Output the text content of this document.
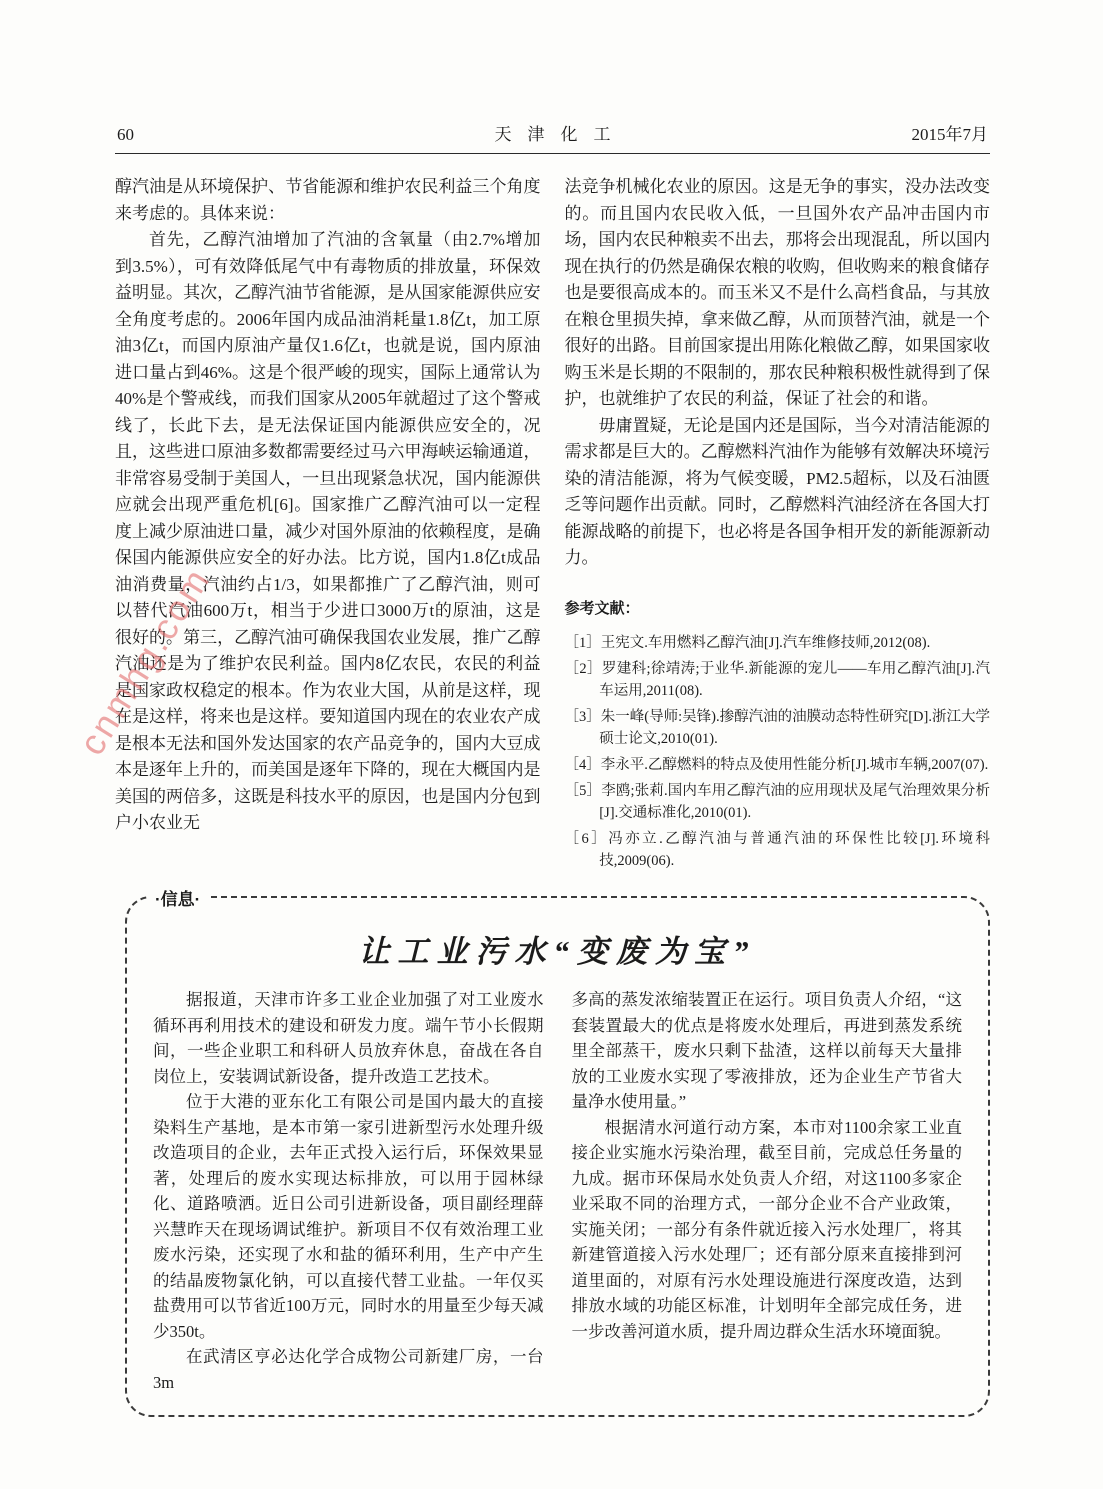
cnmhg.com
60	天津化工	2015年7月

醇汽油是从环境保护、节省能源和维护农民利益三个角度来考虑的。具体来说：

首先，乙醇汽油增加了汽油的含氧量（由2.7%增加到3.5%），可有效降低尾气中有毒物质的排放量，环保效益明显。其次，乙醇汽油节省能源，是从国家能源供应安全角度考虑的。2006年国内成品油消耗量1.8亿t，加工原油3亿t，而国内原油产量仅1.6亿t，也就是说，国内原油进口量占到46%。这是个很严峻的现实，国际上通常认为40%是个警戒线，而我们国家从2005年就超过了这个警戒线了，长此下去，是无法保证国内能源供应安全的，况且，这些进口原油多数都需要经过马六甲海峡运输通道，非常容易受制于美国人，一旦出现紧急状况，国内能源供应就会出现严重危机[6]。国家推广乙醇汽油可以一定程度上减少原油进口量，减少对国外原油的依赖程度，是确保国内能源供应安全的好办法。比方说，国内1.8亿t成品油消费量，汽油约占1/3，如果都推广了乙醇汽油，则可以替代汽油600万t，相当于少进口3000万t的原油，这是很好的。第三，乙醇汽油可确保我国农业发展，推广乙醇汽油还是为了维护农民利益。国内8亿农民，农民的利益是国家政权稳定的根本。作为农业大国，从前是这样，现在是这样，将来也是这样。要知道国内现在的农业农产成是根本无法和国外发达国家的农产品竞争的，国内大豆成本是逐年上升的，而美国是逐年下降的，现在大概国内是美国的两倍多，这既是科技水平的原因，也是国内分包到户小农业无

法竞争机械化农业的原因。这是无争的事实，没办法改变的。而且国内农民收入低，一旦国外农产品冲击国内市场，国内农民种粮卖不出去，那将会出现混乱，所以国内现在执行的仍然是确保农粮的收购，但收购来的粮食储存也是要很高成本的。而玉米又不是什么高档食品，与其放在粮仓里损失掉，拿来做乙醇，从而顶替汽油，就是一个很好的出路。目前国家提出用陈化粮做乙醇，如果国家收购玉米是长期的不限制的，那农民种粮积极性就得到了保护，也就维护了农民的利益，保证了社会的和谐。

毋庸置疑，无论是国内还是国际，当今对清洁能源的需求都是巨大的。乙醇燃料汽油作为能够有效解决环境污染的清洁能源，将为气候变暖，PM2.5超标，以及石油匮乏等问题作出贡献。同时，乙醇燃料汽油经济在各国大打能源战略的前提下，也必将是各国争相开发的新能源新动力。

参考文献：
［1］王宪文.车用燃料乙醇汽油[J].汽车维修技师,2012(08).
［2］罗建科;徐靖涛;于业华.新能源的宠儿——车用乙醇汽油[J].汽车运用,2011(08).
［3］朱一峰(导师:吴锋).掺醇汽油的油膜动态特性研究[D].浙江大学硕士论文,2010(01).
［4］李永平.乙醇燃料的特点及使用性能分析[J].城市车辆,2007(07).
［5］李鸥;张莉.国内车用乙醇汽油的应用现状及尾气治理效果分析[J].交通标准化,2010(01).
［6］冯亦立.乙醇汽油与普通汽油的环保性比较[J].环境科技,2009(06).
·信息·
让工业污水“变废为宝”

据报道，天津市许多工业企业加强了对工业废水循环再利用技术的建设和研发力度。端午节小长假期间，一些企业职工和科研人员放弃休息，奋战在各自岗位上，安装调试新设备，提升改造工艺技术。

位于大港的亚东化工有限公司是国内最大的直接染料生产基地，是本市第一家引进新型污水处理升级改造项目的企业，去年正式投入运行后，环保效果显著，处理后的废水实现达标排放，可以用于园林绿化、道路喷洒。近日公司引进新设备，项目副经理薛兴慧昨天在现场调试维护。新项目不仅有效治理工业废水污染，还实现了水和盐的循环利用，生产中产生的结晶废物氯化钠，可以直接代替工业盐。一年仅买盐费用可以节省近100万元，同时水的用量至少每天减少350t。

在武清区亨必达化学合成物公司新建厂房，一台3m

多高的蒸发浓缩装置正在运行。项目负责人介绍，“这套装置最大的优点是将废水处理后，再进到蒸发系统里全部蒸干，废水只剩下盐渣，这样以前每天大量排放的工业废水实现了零液排放，还为企业生产节省大量净水使用量。”

根据清水河道行动方案，本市对1100余家工业直接企业实施水污染治理，截至目前，完成总任务量的九成。据市环保局水处负责人介绍，对这1100多家企业采取不同的治理方式，一部分企业不合产业政策，实施关闭；一部分有条件就近接入污水处理厂，将其新建管道接入污水处理厂；还有部分原来直接排到河道里面的，对原有污水处理设施进行深度改造，达到排放水域的功能区标准，计划明年全部完成任务，进一步改善河道水质，提升周边群众生活水环境面貌。
